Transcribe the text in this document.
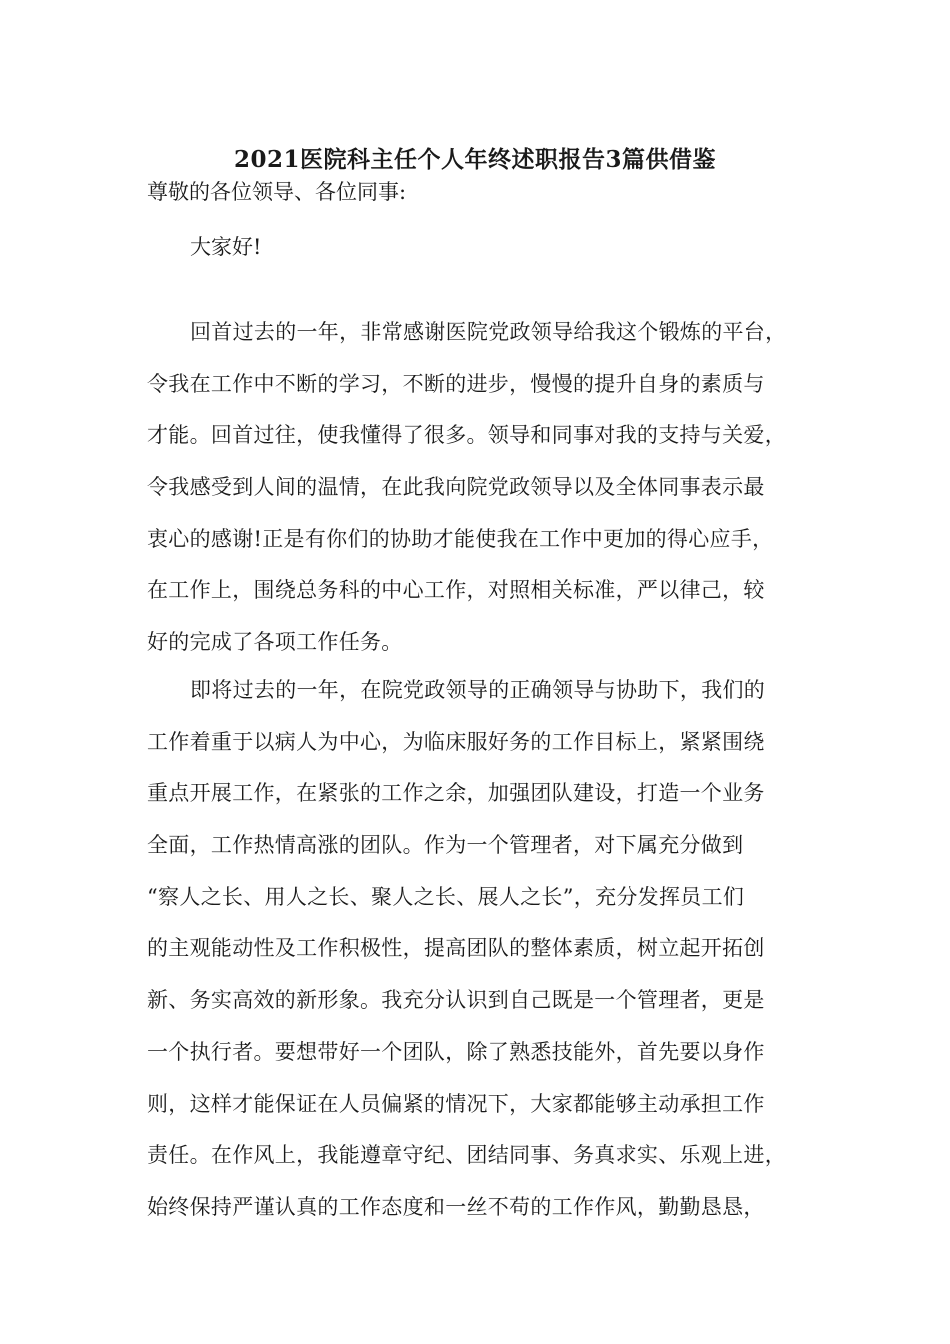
2021医院科主任个人年终述职报告3篇供借鉴

尊敬的各位领导、各位同事:

大家好!

回首过去的一年，非常感谢医院党政领导给我这个锻炼的平台，
令我在工作中不断的学习，不断的进步，慢慢的提升自身的素质与
才能。回首过往，使我懂得了很多。领导和同事对我的支持与关爱，
令我感受到人间的温情，在此我向院党政领导以及全体同事表示最
衷心的感谢!正是有你们的协助才能使我在工作中更加的得心应手，
在工作上，围绕总务科的中心工作，对照相关标准，严以律己，较
好的完成了各项工作任务。
即将过去的一年，在院党政领导的正确领导与协助下，我们的
工作着重于以病人为中心，为临床服好务的工作目标上，紧紧围绕
重点开展工作，在紧张的工作之余，加强团队建设，打造一个业务
全面，工作热情高涨的团队。作为一个管理者，对下属充分做到
“察人之长、用人之长、聚人之长、展人之长”，充分发挥员工们
的主观能动性及工作积极性，提高团队的整体素质，树立起开拓创
新、务实高效的新形象。我充分认识到自己既是一个管理者，更是
一个执行者。要想带好一个团队，除了熟悉技能外，首先要以身作
则，这样才能保证在人员偏紧的情况下，大家都能够主动承担工作
责任。在作风上，我能遵章守纪、团结同事、务真求实、乐观上进，
始终保持严谨认真的工作态度和一丝不苟的工作作风，勤勤恳恳，
